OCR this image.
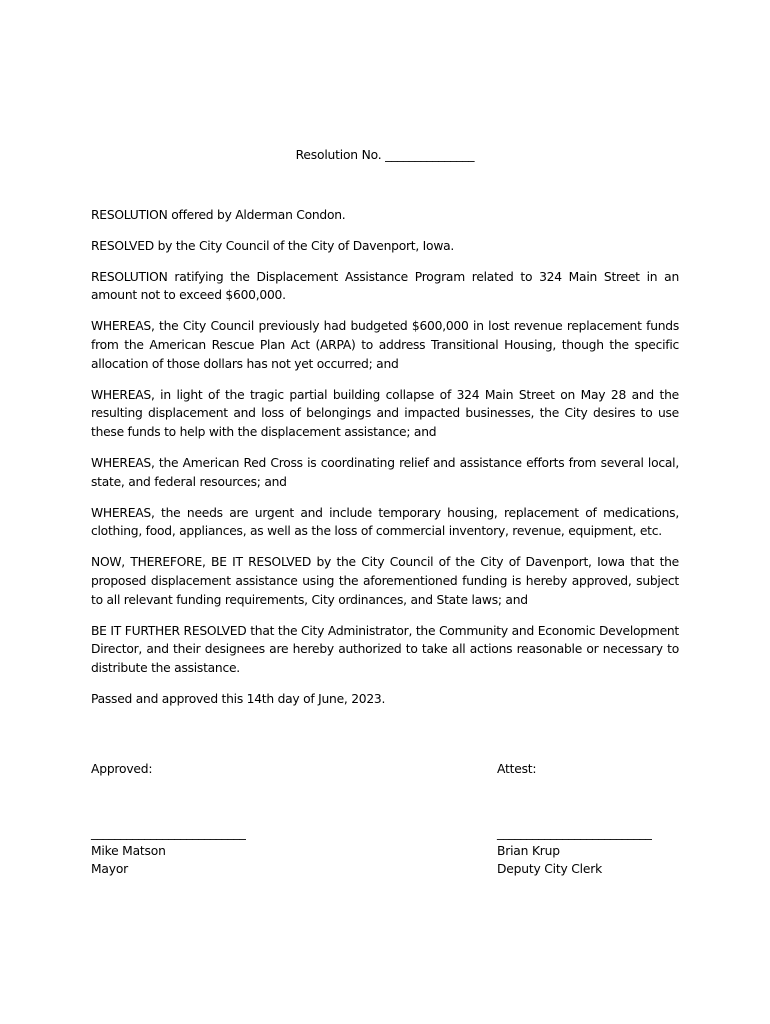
Resolution No. _______________

RESOLUTION offered by Alderman Condon.

RESOLVED by the City Council of the City of Davenport, Iowa.

RESOLUTION ratifying the Displacement Assistance Program related to 324 Main Street in an amount not to exceed $600,000.

WHEREAS, the City Council previously had budgeted $600,000 in lost revenue replacement funds from the American Rescue Plan Act (ARPA) to address Transitional Housing, though the specific allocation of those dollars has not yet occurred; and

WHEREAS, in light of the tragic partial building collapse of 324 Main Street on May 28 and the resulting displacement and loss of belongings and impacted businesses, the City desires to use these funds to help with the displacement assistance; and

WHEREAS, the American Red Cross is coordinating relief and assistance efforts from several local, state, and federal resources; and

WHEREAS, the needs are urgent and include temporary housing, replacement of medications, clothing, food, appliances, as well as the loss of commercial inventory, revenue, equipment, etc.

NOW, THEREFORE, BE IT RESOLVED by the City Council of the City of Davenport, Iowa that the proposed displacement assistance using the aforementioned funding is hereby approved, subject to all relevant funding requirements, City ordinances, and State laws; and

BE IT FURTHER RESOLVED that the City Administrator, the Community and Economic Development Director, and their designees are hereby authorized to take all actions reasonable or necessary to distribute the assistance.

Passed and approved this 14th day of June, 2023.

Approved:	Attest:
__________________________	__________________________
Mike Matson	Brian Krup
Mayor	Deputy City Clerk
